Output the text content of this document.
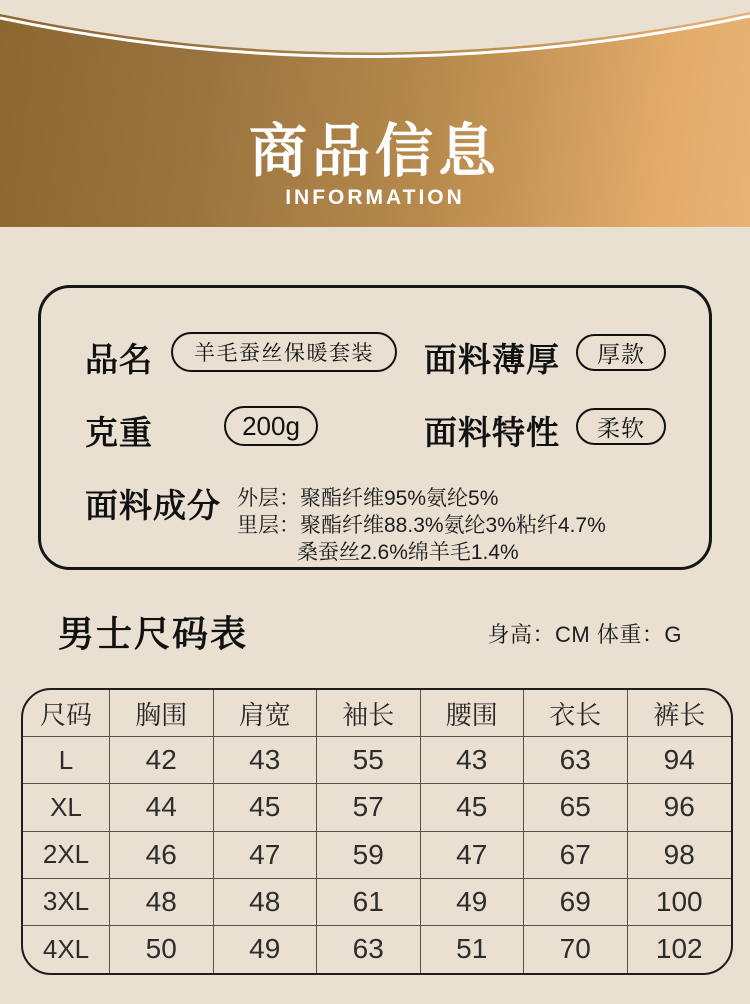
商品信息
INFORMATION
品名	羊毛蚕丝保暖套装	面料薄厚	厚款
克重	200g	面料特性	柔软
面料成分 外层：聚酯纤维95%氨纶5%
里层：聚酯纤维88.3%氨纶3%粘纤4.7%
桑蚕丝2.6%绵羊毛1.4%
男士尺码表	身高：CM 体重：G
尺码	胸围	肩宽	袖长	腰围	衣长	裤长
L	42	43	55	43	63	94
XL	44	45	57	45	65	96
2XL	46	47	59	47	67	98
3XL	48	48	61	49	69	100
4XL	50	49	63	51	70	102
